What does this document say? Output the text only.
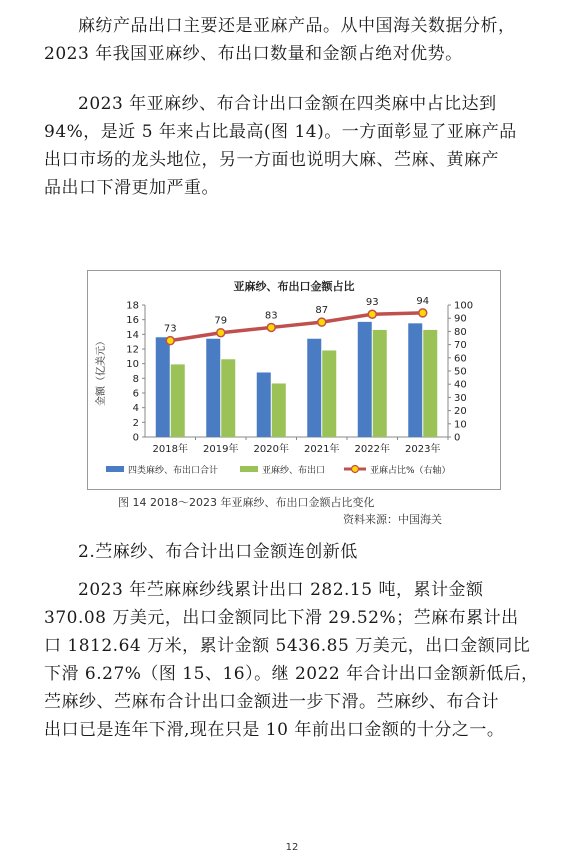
麻纺产品出口主要还是亚麻产品。从中国海关数据分析，
2023 年我国亚麻纱、布出口数量和金额占绝对优势。

2023 年亚麻纱、布合计出口金额在四类麻中占比达到
94%，是近 5 年来占比最高(图 14)。一方面彰显了亚麻产品
出口市场的龙头地位，另一方面也说明大麻、苎麻、黄麻产
品出口下滑更加严重。

亚麻纱、布出口金额占比
0
2
4
6
8
10
12
14
16
18
0
10
20
30
40
50
60
70
80
90
100
金额（亿美元）
2018年 2019年 2020年 2021年 2022年 2023年
73
79	83	87
93	94
四类麻纱、布出口合计	亚麻纱、布出口	亚麻占比%（右轴）
图 14 2018～2023 年亚麻纱、布出口金额占比变化
资料来源：中国海关
2.苎麻纱、布合计出口金额连创新低

2023 年苎麻麻纱线累计出口 282.15 吨，累计金额
370.08 万美元，出口金额同比下滑 29.52%；苎麻布累计出
口 1812.64 万米，累计金额 5436.85 万美元，出口金额同比
下滑 6.27%（图 15、16）。继 2022 年合计出口金额新低后，
苎麻纱、苎麻布合计出口金额进一步下滑。苎麻纱、布合计
出口已是连年下滑,现在只是 10 年前出口金额的十分之一。

12
